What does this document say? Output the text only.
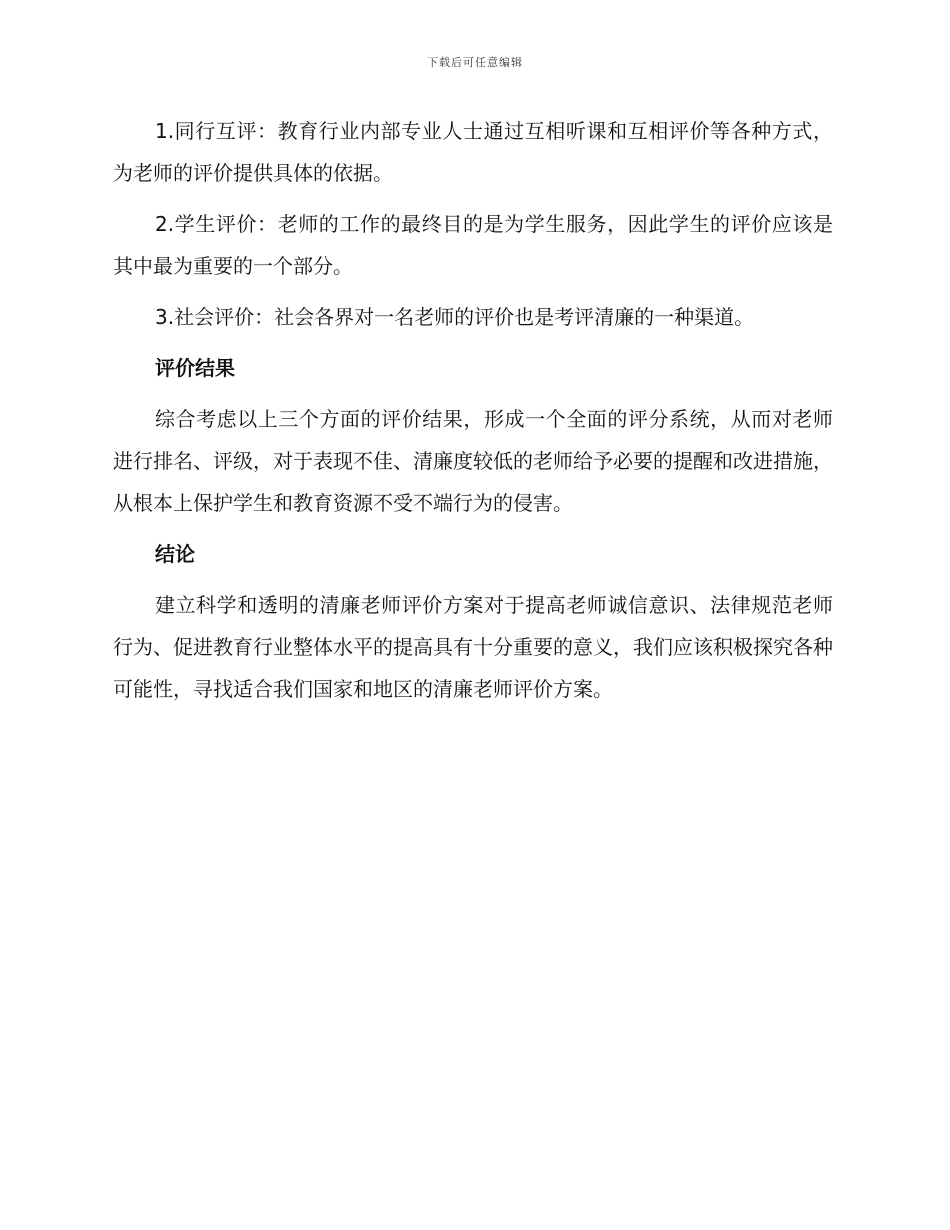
下载后可任意编辑

1.同行互评：教育行业内部专业人士通过互相听课和互相评价等各种方式，为老师的评价提供具体的依据。

2.学生评价：老师的工作的最终目的是为学生服务，因此学生的评价应该是其中最为重要的一个部分。

3.社会评价：社会各界对一名老师的评价也是考评清廉的一种渠道。

评价结果

综合考虑以上三个方面的评价结果，形成一个全面的评分系统，从而对老师进行排名、评级，对于表现不佳、清廉度较低的老师给予必要的提醒和改进措施，从根本上保护学生和教育资源不受不端行为的侵害。

结论

建立科学和透明的清廉老师评价方案对于提高老师诚信意识、法律规范老师行为、促进教育行业整体水平的提高具有十分重要的意义，我们应该积极探究各种可能性，寻找适合我们国家和地区的清廉老师评价方案。
